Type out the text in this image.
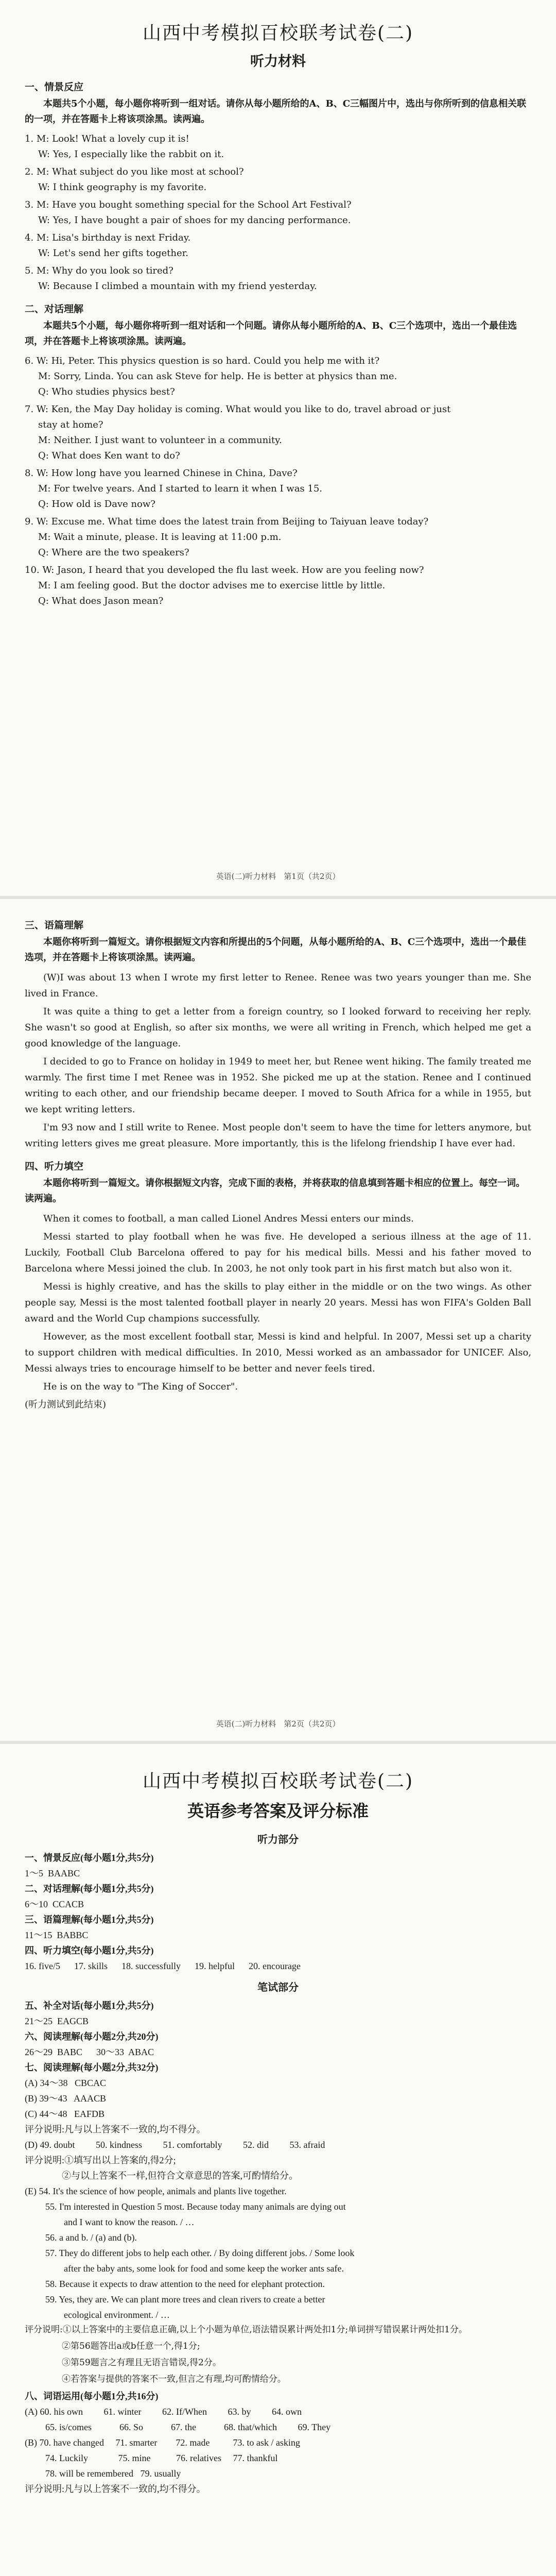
山西中考模拟百校联考试卷(二)
听力材料
一、情景反应

本题共5个小题，每小题你将听到一组对话。请你从每小题所给的A、B、C三幅图片中，选出与你所听到的信息相关联的一项，并在答题卡上将该项涂黑。读两遍。

1. M: Look! What a lovely cup it is!

W: Yes, I especially like the rabbit on it.

2. M: What subject do you like most at school?

W: I think geography is my favorite.

3. M: Have you bought something special for the School Art Festival?

W: Yes, I have bought a pair of shoes for my dancing performance.

4. M: Lisa's birthday is next Friday.

W: Let's send her gifts together.

5. M: Why do you look so tired?

W: Because I climbed a mountain with my friend yesterday.

二、对话理解

本题共5个小题，每小题你将听到一组对话和一个问题。请你从每小题所给的A、B、C三个选项中，选出一个最佳选项，并在答题卡上将该项涂黑。读两遍。

6. W: Hi, Peter. This physics question is so hard. Could you help me with it?

M: Sorry, Linda. You can ask Steve for help. He is better at physics than me.

Q: Who studies physics best?

7. W: Ken, the May Day holiday is coming. What would you like to do, travel abroad or just

stay at home?

M: Neither. I just want to volunteer in a community.

Q: What does Ken want to do?

8. W: How long have you learned Chinese in China, Dave?

M: For twelve years. And I started to learn it when I was 15.

Q: How old is Dave now?

9. W: Excuse me. What time does the latest train from Beijing to Taiyuan leave today?

M: Wait a minute, please. It is leaving at 11:00 p.m.

Q: Where are the two speakers?

10. W: Jason, I heard that you developed the flu last week. How are you feeling now?

M: I am feeling good. But the doctor advises me to exercise little by little.

Q: What does Jason mean?

英语(二)听力材料　第1页（共2页）
三、语篇理解

本题你将听到一篇短文。请你根据短文内容和所提出的5个问题，从每小题所给的A、B、C三个选项中，选出一个最佳选项，并在答题卡上将该项涂黑。读两遍。

(W)I was about 13 when I wrote my first letter to Renee. Renee was two years younger than me. She lived in France.

It was quite a thing to get a letter from a foreign country, so I looked forward to receiving her reply. She wasn't so good at English, so after six months, we were all writing in French, which helped me get a good knowledge of the language.

I decided to go to France on holiday in 1949 to meet her, but Renee went hiking. The family treated me warmly. The first time I met Renee was in 1952. She picked me up at the station. Renee and I continued writing to each other, and our friendship became deeper. I moved to South Africa for a while in 1955, but we kept writing letters.

I'm 93 now and I still write to Renee. Most people don't seem to have the time for letters anymore, but writing letters gives me great pleasure. More importantly, this is the lifelong friendship I have ever had.

四、听力填空

本题你将听到一篇短文。请你根据短文内容，完成下面的表格，并将获取的信息填到答题卡相应的位置上。每空一词。读两遍。

When it comes to football, a man called Lionel Andres Messi enters our minds.

Messi started to play football when he was five. He developed a serious illness at the age of 11. Luckily, Football Club Barcelona offered to pay for his medical bills. Messi and his father moved to Barcelona where Messi joined the club. In 2003, he not only took part in his first match but also won it.

Messi is highly creative, and has the skills to play either in the middle or on the two wings. As other people say, Messi is the most talented football player in nearly 20 years. Messi has won FIFA's Golden Ball award and the World Cup champions successfully.

However, as the most excellent football star, Messi is kind and helpful. In 2007, Messi set up a charity to support children with medical difficulties. In 2010, Messi worked as an ambassador for UNICEF. Also, Messi always tries to encourage himself to be better and never feels tired.

He is on the way to "The King of Soccer".

(听力测试到此结束)

英语(二)听力材料　第2页（共2页）
山西中考模拟百校联考试卷(二)
英语参考答案及评分标准
听力部分

一、情景反应(每小题1分,共5分)

1～5  BAABC

二、对话理解(每小题1分,共5分)

6～10  CCACB

三、语篇理解(每小题1分,共5分)

11～15  BABBC

四、听力填空(每小题1分,共5分)

16. five/5      17. skills      18. successfully      19. helpful      20. encourage

笔试部分

五、补全对话(每小题1分,共5分)

21～25  EAGCB

六、阅读理解(每小题2分,共20分)

26～29  BABC      30～33  ABAC

七、阅读理解(每小题2分,共32分)

(A) 34～38   CBCAC

(B) 39～43   AAACB

(C) 44～48   EAFDB

评分说明:凡与以上答案不一致的,均不得分。

(D) 49. doubt         50. kindness         51. comfortably         52. did         53. afraid

评分说明:①填写出以上答案的,得2分;

②与以上答案不一样,但符合文章意思的答案,可酌情给分。

(E) 54. It's the science of how people, animals and plants live together.

55. I'm interested in Question 5 most. Because today many animals are dying out

and I want to know the reason. / …

56. a and b. / (a) and (b).

57. They do different jobs to help each other. / By doing different jobs. / Some look

after the baby ants, some look for food and some keep the worker ants safe.

58. Because it expects to draw attention to the need for elephant protection.

59. Yes, they are. We can plant more trees and clean rivers to create a better

ecological environment. / …

评分说明:①以上答案中的主要信息正确,以上个小题为单位,语法错误累计两处扣1分;单词拼写错误累计两处扣1分。

②第56题答出a或b任意一个,得1分;

③第59题言之有理且无语言错误,得2分。

④若答案与提供的答案不一致,但言之有理,均可酌情给分。

八、词语运用(每小题1分,共16分)

(A) 60. his own         61. winter         62. If/When         63. by         64. own

65. is/comes            66. So            67. the            68. that/which         69. They

(B) 70. have changed     71. smarter        72. made          73. to ask / asking

74. Luckily             75. mine           76. relatives     77. thankful

78. will be remembered   79. usually

评分说明:凡与以上答案不一致的,均不得分。
